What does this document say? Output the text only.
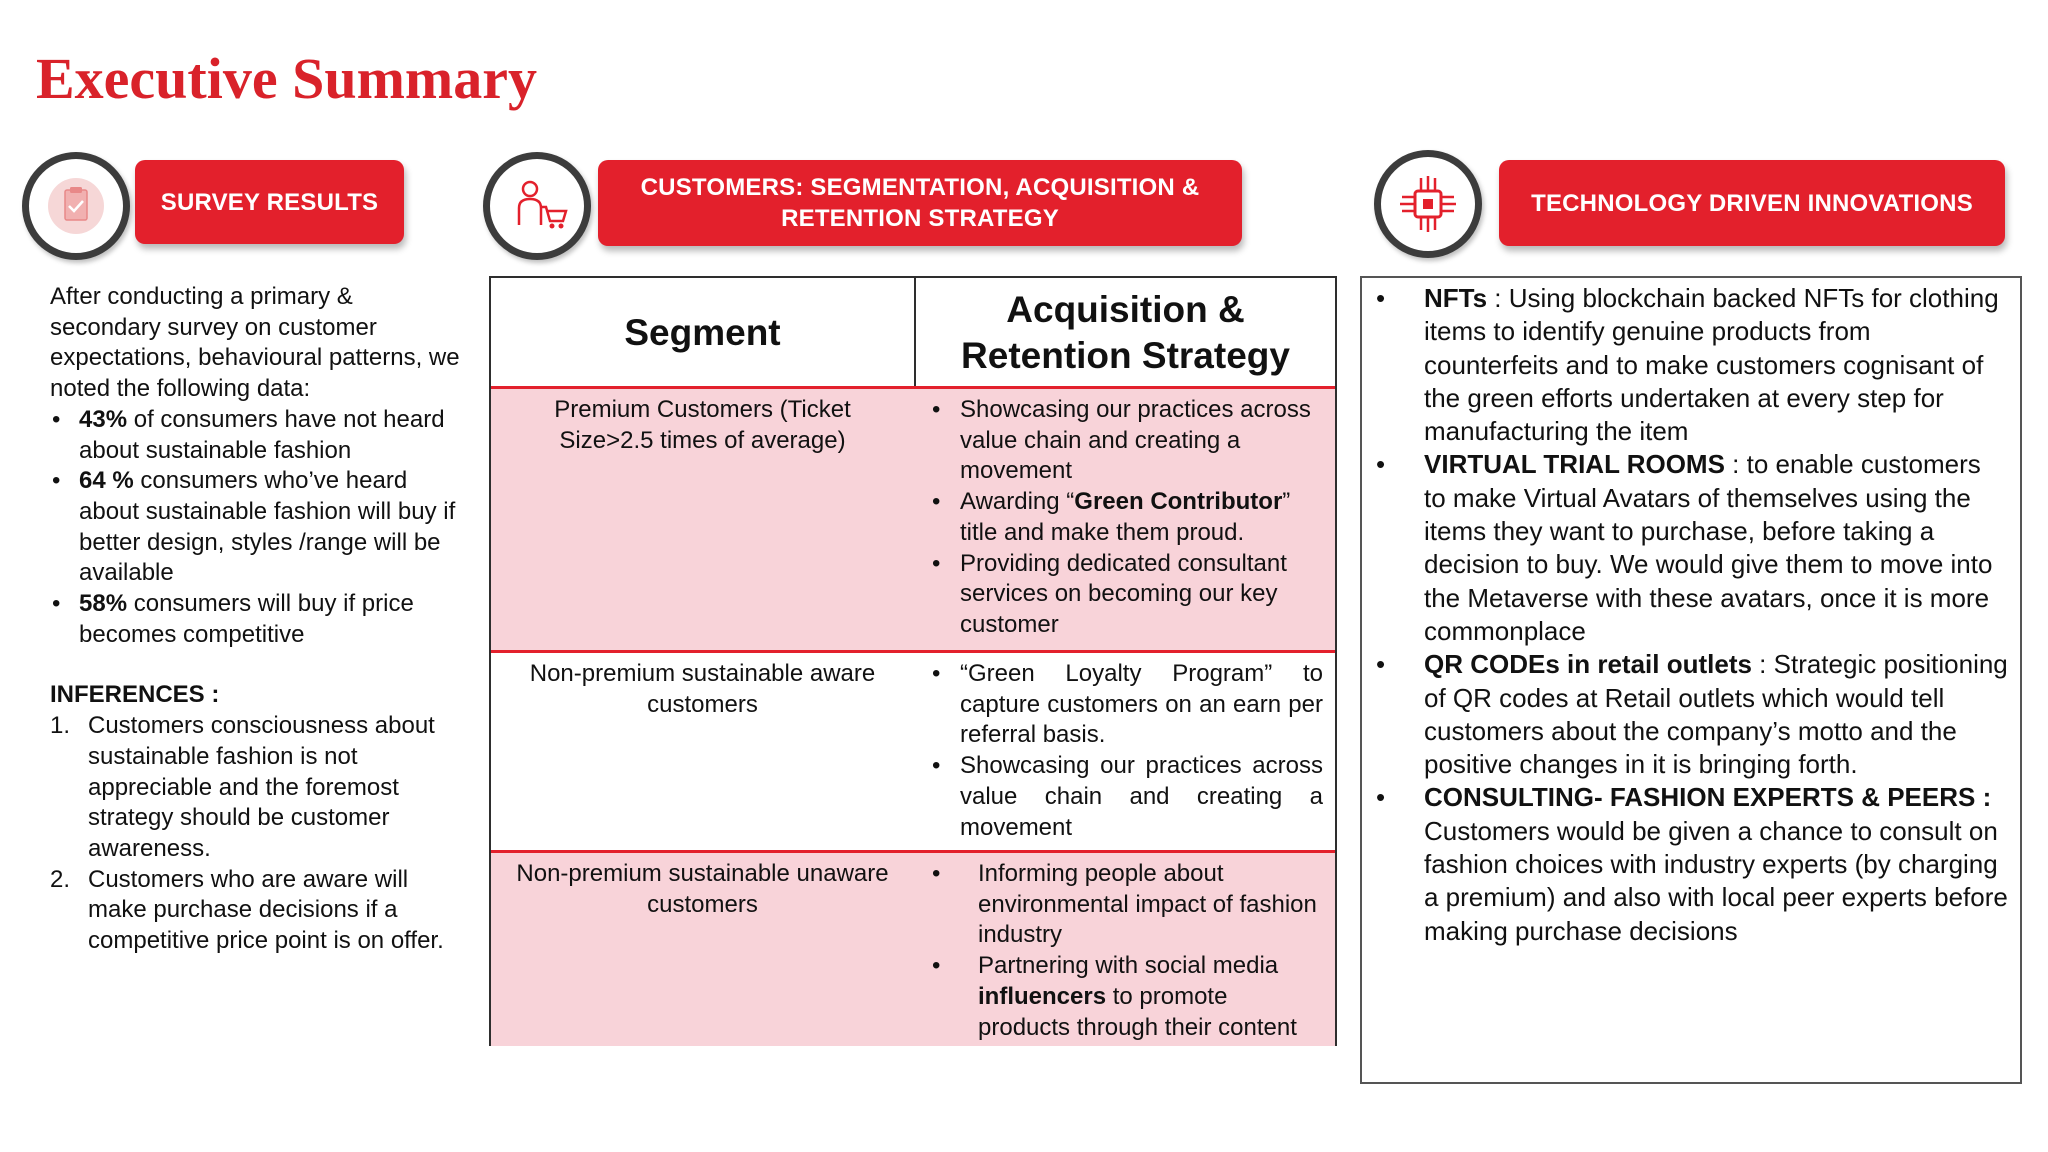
Executive Summary
SURVEY RESULTS

After conducting a primary & secondary survey on customer expectations, behavioural patterns, we noted the following data:

• 43% of consumers have not heard about sustainable fashion
• 64 % consumers who’ve heard about sustainable fashion will buy if better design, styles /range will be available
• 58% consumers will buy if price becomes competitive

INFERENCES :

1. Customers consciousness about sustainable fashion is not appreciable and the foremost strategy should be customer awareness.
2. Customers who are aware will make purchase decisions if a competitive price point is on offer.
CUSTOMERS: SEGMENTATION, ACQUISITION & RETENTION STRATEGY
Segment
Acquisition & Retention Strategy
Premium Customers (Ticket Size>2.5 times of average)
• Showcasing our practices across value chain and creating a movement
• Awarding “Green Contributor” title and make them proud.
• Providing dedicated consultant services on becoming our key customer
Non-premium sustainable aware customers
• “Green Loyalty Program” to capture customers on an earn per referral basis.
• Showcasing our practices across value chain and creating a movement
Non-premium sustainable unaware customers
• Informing people about environmental impact of fashion industry
• Partnering with social media influencers to promote products through their content
TECHNOLOGY DRIVEN INNOVATIONS
• NFTs : Using blockchain backed NFTs for clothing items to identify genuine products from counterfeits and to make customers cognisant of the green efforts undertaken at every step for manufacturing the item
• VIRTUAL TRIAL ROOMS : to enable customers to make Virtual Avatars of themselves using the items they want to purchase, before taking a decision to buy. We would give them to move into the Metaverse with these avatars, once it is more commonplace
• QR CODEs in retail outlets : Strategic positioning of QR codes at Retail outlets which would tell customers about the company’s motto and the positive changes in it is bringing forth.
• CONSULTING- FASHION EXPERTS & PEERS : Customers would be given a chance to consult on fashion choices with industry experts (by charging a premium) and also with local peer experts before making purchase decisions
